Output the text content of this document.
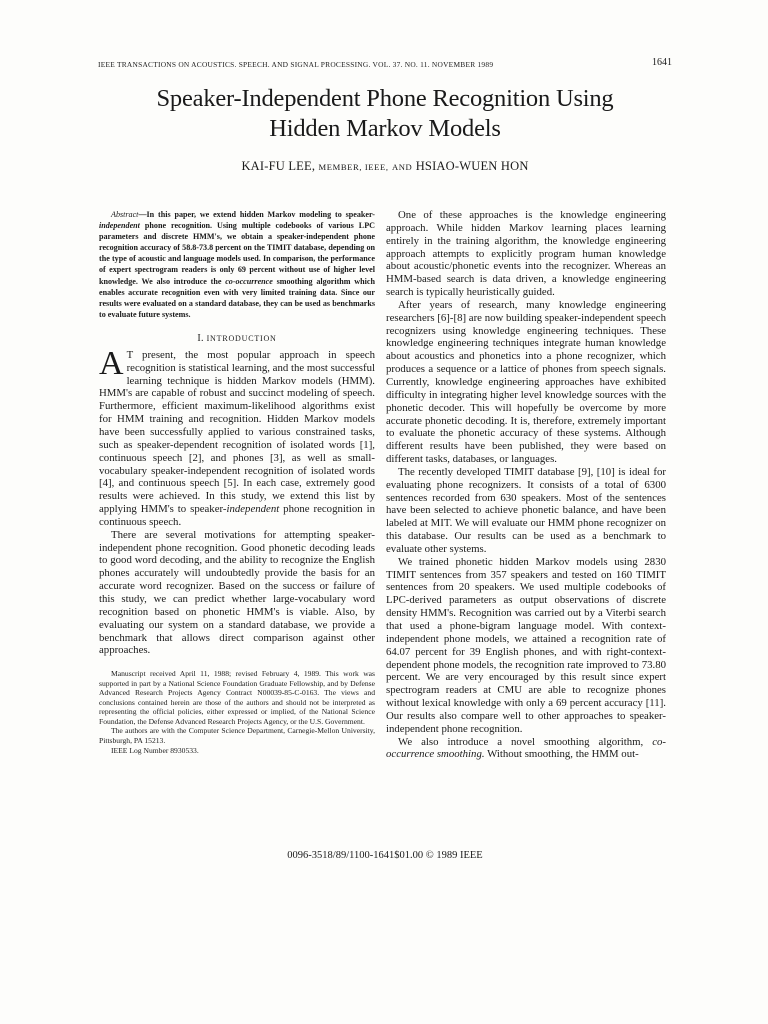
IEEE TRANSACTIONS ON ACOUSTICS. SPEECH. AND SIGNAL PROCESSING. VOL. 37. NO. 11. NOVEMBER 1989	1641
Speaker-Independent Phone Recognition Using
Hidden Markov Models
KAI-FU LEE, MEMBER, IEEE, AND HSIAO-WUEN HON

Abstract—In this paper, we extend hidden Markov modeling to speaker-independent phone recognition. Using multiple codebooks of various LPC parameters and discrete HMM's, we obtain a speaker-independent phone recognition accuracy of 58.8-73.8 percent on the TIMIT database, depending on the type of acoustic and language models used. In comparison, the performance of expert spectrogram readers is only 69 percent without use of higher level knowledge. We also introduce the co-occurrence smoothing algorithm which enables accurate recognition even with very limited training data. Since our results were evaluated on a standard database, they can be used as benchmarks to evaluate future systems.

I. INTRODUCTION

A T present, the most popular approach in speech recognition is statistical learning, and the most successful learning technique is hidden Markov models (HMM). HMM's are capable of robust and succinct modeling of speech. Furthermore, efficient maximum-likelihood algorithms exist for HMM training and recognition. Hidden Markov models have been successfully applied to various constrained tasks, such as speaker-dependent recognition of isolated words [1], continuous speech [2], and phones [3], as well as small-vocabulary speaker-independent recognition of isolated words [4], and continuous speech [5]. In each case, extremely good results were achieved. In this study, we extend this list by applying HMM's to speaker-independent phone recognition in continuous speech.

There are several motivations for attempting speaker-independent phone recognition. Good phonetic decoding leads to good word decoding, and the ability to recognize the English phones accurately will undoubtedly provide the basis for an accurate word recognizer. Based on the success or failure of this study, we can predict whether large-vocabulary word recognition based on phonetic HMM's is viable. Also, by evaluating our system on a standard database, we provide a benchmark that allows direct comparison against other approaches.

Manuscript received April 11, 1988; revised February 4, 1989. This work was supported in part by a National Science Foundation Graduate Fellowship, and by Defense Advanced Research Projects Agency Contract N00039-85-C-0163. The views and conclusions contained herein are those of the authors and should not be interpreted as representing the official policies, either expressed or implied, of the National Science Foundation, the Defense Advanced Research Projects Agency, or the U.S. Government.

The authors are with the Computer Science Department, Carnegie-Mellon University, Pittsburgh, PA 15213.

IEEE Log Number 8930533.

One of these approaches is the knowledge engineering approach. While hidden Markov learning places learning entirely in the training algorithm, the knowledge engineering approach attempts to explicitly program human knowledge about acoustic/phonetic events into the recognizer. Whereas an HMM-based search is data driven, a knowledge engineering search is typically heuristically guided.

After years of research, many knowledge engineering researchers [6]-[8] are now building speaker-independent speech recognizers using knowledge engineering techniques. These knowledge engineering techniques integrate human knowledge about acoustics and phonetics into a phone recognizer, which produces a sequence or a lattice of phones from speech signals. Currently, knowledge engineering approaches have exhibited difficulty in integrating higher level knowledge sources with the phonetic decoder. This will hopefully be overcome by more accurate phonetic decoding. It is, therefore, extremely important to evaluate the phonetic accuracy of these systems. Although different results have been published, they were based on different tasks, databases, or languages.

The recently developed TIMIT database [9], [10] is ideal for evaluating phone recognizers. It consists of a total of 6300 sentences recorded from 630 speakers. Most of the sentences have been selected to achieve phonetic balance, and have been labeled at MIT. We will evaluate our HMM phone recognizer on this database. Our results can be used as a benchmark to evaluate other systems.

We trained phonetic hidden Markov models using 2830 TIMIT sentences from 357 speakers and tested on 160 TIMIT sentences from 20 speakers. We used multiple codebooks of LPC-derived parameters as output observations of discrete density HMM's. Recognition was carried out by a Viterbi search that used a phone-bigram language model. With context-independent phone models, we attained a recognition rate of 64.07 percent for 39 English phones, and with right-context-dependent phone models, the recognition rate improved to 73.80 percent. We are very encouraged by this result since expert spectrogram readers at CMU are able to recognize phones without lexical knowledge with only a 69 percent accuracy [11]. Our results also compare well to other approaches to speaker-independent phone recognition.

We also introduce a novel smoothing algorithm, co-occurrence smoothing. Without smoothing, the HMM out-

0096-3518/89/1100-1641$01.00 © 1989 IEEE
